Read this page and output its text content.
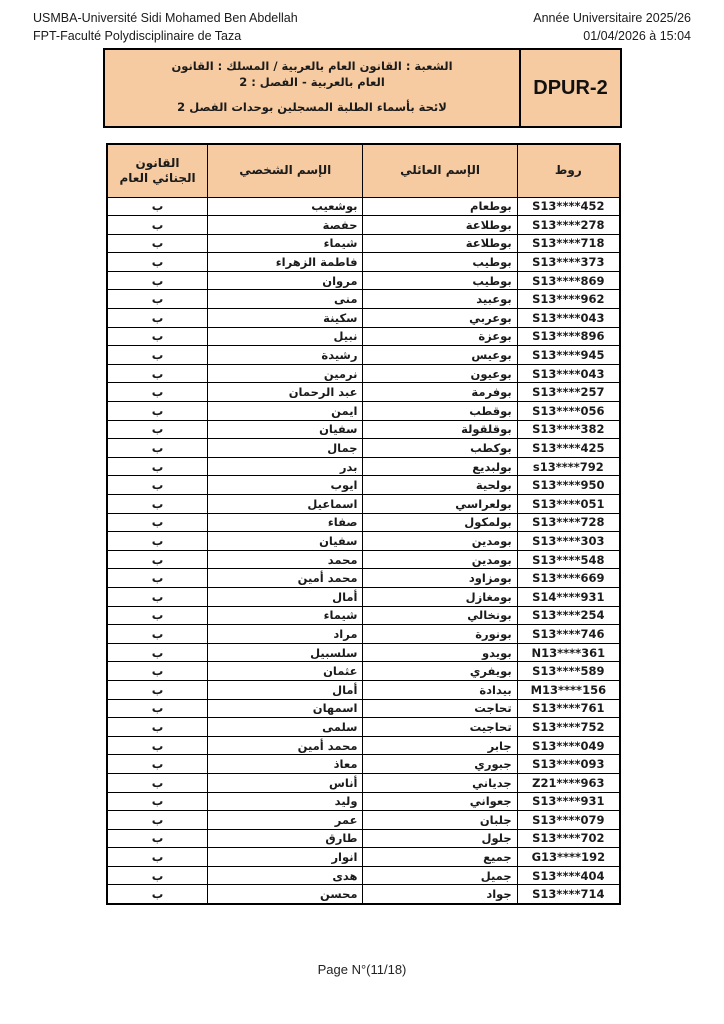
USMBA-Université Sidi Mohamed Ben Abdellah
FPT-Faculté Polydisciplinaire de Taza
Année Universitaire 2025/26
01/04/2026 à 15:04
الشعبة : القانون العام بالعربية / المسلك : القانون
العام بالعربية - الفصل : 2
لائحة بأسماء الطلبة المسجلين بوحدات الفصل 2
DPUR-2
روط	الإسم العائلي	الإسم الشخصي	القانون الجنائي العام
S13****452	بوطعام	بوشعيب	ب
S13****278	بوطلاعة	حفصة	ب
S13****718	بوطلاعة	شيماء	ب
S13****373	بوطيب	فاطمة الزهراء	ب
S13****869	بوطيب	مروان	ب
S13****962	بوعبيد	منى	ب
S13****043	بوعربي	سكينة	ب
S13****896	بوعزة	نبيل	ب
S13****945	بوعيس	رشيدة	ب
S13****043	بوعيون	نرمين	ب
S13****257	بوفرمة	عبد الرحمان	ب
S13****056	بوقطب	ايمن	ب
S13****382	بوقلقولة	سفيان	ب
S13****425	بوكطب	جمال	ب
s13****792	بولبديع	بدر	ب
S13****950	بولحية	ايوب	ب
S13****051	بولعراسي	اسماعيل	ب
S13****728	بولمكول	صفاء	ب
S13****303	بومدين	سفيان	ب
S13****548	بومدين	محمد	ب
S13****669	بومزاود	محمد أمين	ب
S14****931	بومغازل	أمال	ب
S13****254	بونخالي	شيماء	ب
S13****746	بونورة	مراد	ب
N13****361	بويدو	سلسبيل	ب
S13****589	بويفري	عثمان	ب
M13****156	بيدادة	أمال	ب
S13****761	تحاجت	اسمهان	ب
S13****752	تحاجيت	سلمى	ب
S13****049	جابر	محمد أمين	ب
S13****093	جبوري	معاذ	ب
Z21****963	جدياني	أناس	ب
S13****931	جعواني	وليد	ب
S13****079	جلبان	عمر	ب
S13****702	جلول	طارق	ب
G13****192	جميع	انوار	ب
S13****404	جميل	هدى	ب
S13****714	جواد	محسن	ب
Page N°(11/18)
